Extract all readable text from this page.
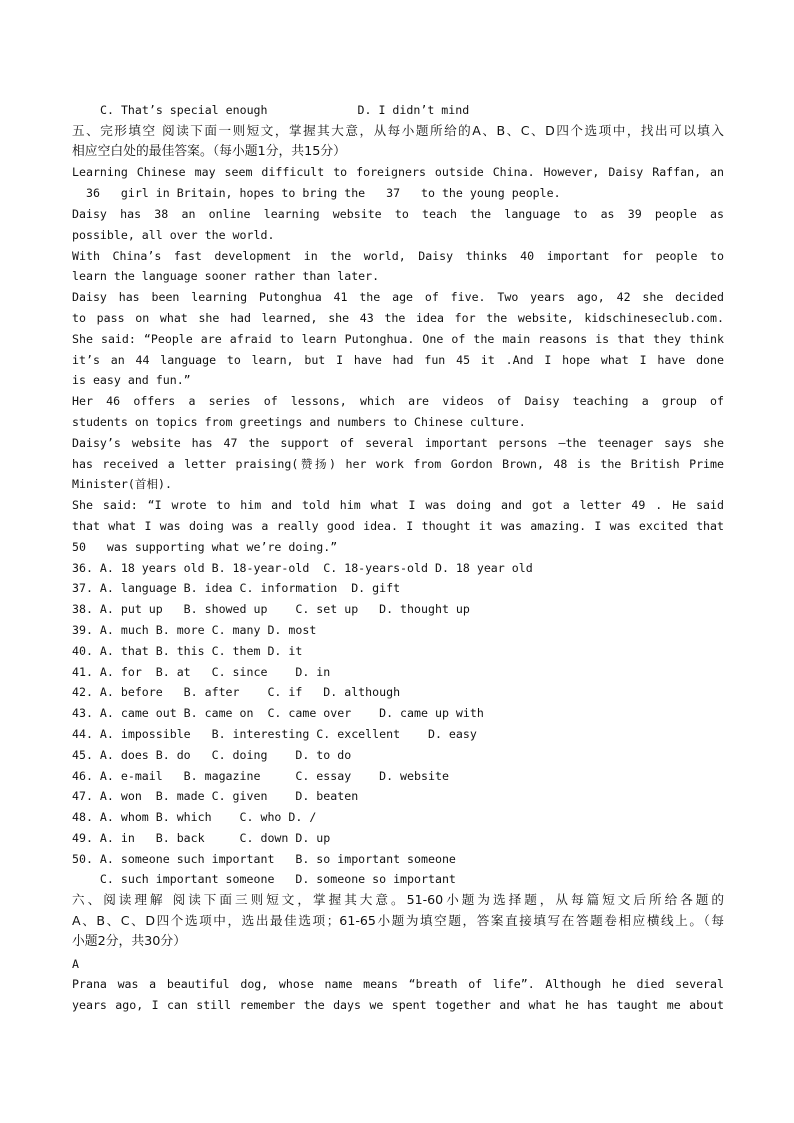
C. That’s special enough	D. I didn’t mind
五、完形填空 阅读下面一则短文，掌握其大意，从每小题所给的A、B、C、D四个选项中，找出可以填入
相应空白处的最佳答案。（每小题1分，共15分）
Learning Chinese may seem difficult to foreigners outside China. However, Daisy Raffan, an
36   girl in Britain, hopes to bring the   37   to the young people.
Daisy has 38 an online learning website to teach the language to as 39 people as
possible, all over the world.
With China’s fast development in the world, Daisy thinks 40 important for people to
learn the language sooner rather than later.
Daisy has been learning Putonghua 41 the age of five. Two years ago, 42 she decided
to pass on what she had learned, she 43 the idea for the website, kidschineseclub.com.
She said: “People are afraid to learn Putonghua. One of the main reasons is that they think
it’s an 44 language to learn, but I have had fun 45 it .And I hope what I have done
is easy and fun.”
Her 46 offers a series of lessons, which are videos of Daisy teaching a group of
students on topics from greetings and numbers to Chinese culture.
Daisy’s website has 47 the support of several important persons —the teenager says she
has received a letter praising(赞扬) her work from Gordon Brown, 48 is the British Prime
Minister(首相).
She said: “I wrote to him and told him what I was doing and got a letter 49 . He said
that what I was doing was a really good idea. I thought it was amazing. I was excited that
50   was supporting what we’re doing.”
36. A. 18 years old B. 18-year-old  C. 18-years-old D. 18 year old
37. A. language B. idea C. information  D. gift
38. A. put up   B. showed up    C. set up   D. thought up
39. A. much B. more C. many D. most
40. A. that B. this C. them D. it
41. A. for  B. at   C. since    D. in
42. A. before   B. after    C. if   D. although
43. A. came out B. came on  C. came over    D. came up with
44. A. impossible   B. interesting C. excellent    D. easy
45. A. does B. do   C. doing    D. to do
46. A. e-mail   B. magazine     C. essay    D. website
47. A. won  B. made C. given    D. beaten
48. A. whom B. which    C. who D. /
49. A. in   B. back     C. down D. up
50. A. someone such important   B. so important someone
C. such important someone   D. someone so important
六、阅读理解 阅读下面三则短文，掌握其大意。51-60小题为选择题，从每篇短文后所给各题的
A、B、C、D四个选项中，选出最佳选项；61-65小题为填空题，答案直接填写在答题卷相应横线上。（每
小题2分，共30分）
A
Prana was a beautiful dog, whose name means “breath of life”. Although he died several
years ago, I can still remember the days we spent together and what he has taught me about
